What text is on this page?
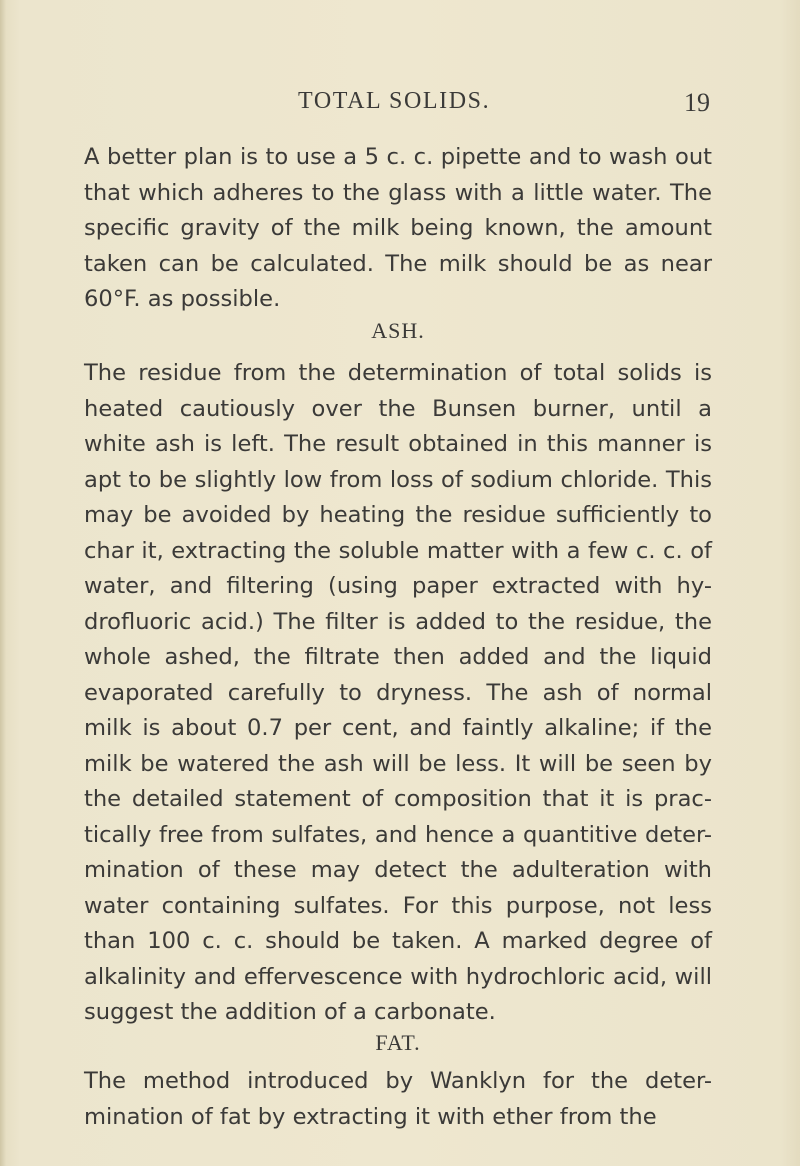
TOTAL SOLIDS.	19

A better plan is to use a 5 c. c. pipette and to wash out that which adheres to the glass with a little water. The specific gravity of the milk being known, the amount taken can be calculated. The milk should be as near 60°F. as possible.

ASH.

The residue from the determination of total solids is heated cautiously over the Bunsen burner, until a white ash is left. The result obtained in this manner is apt to be slightly low from loss of sodium chloride. This may be avoided by heating the residue sufficiently to char it, extracting the soluble matter with a few c. c. of water, and filtering (using paper extracted with hy-drofluoric acid.) The filter is added to the residue, the whole ashed, the filtrate then added and the liquid evaporated carefully to dryness. The ash of normal milk is about 0.7 per cent, and faintly alkaline; if the milk be watered the ash will be less. It will be seen by the detailed statement of composition that it is prac-tically free from sulfates, and hence a quantitive deter-mination of these may detect the adulteration with water containing sulfates. For this purpose, not less than 100 c. c. should be taken. A marked degree of alkalinity and effervescence with hydrochloric acid, will suggest the addition of a carbonate.

FAT.

The method introduced by Wanklyn for the deter-mination of fat by extracting it with ether from the
